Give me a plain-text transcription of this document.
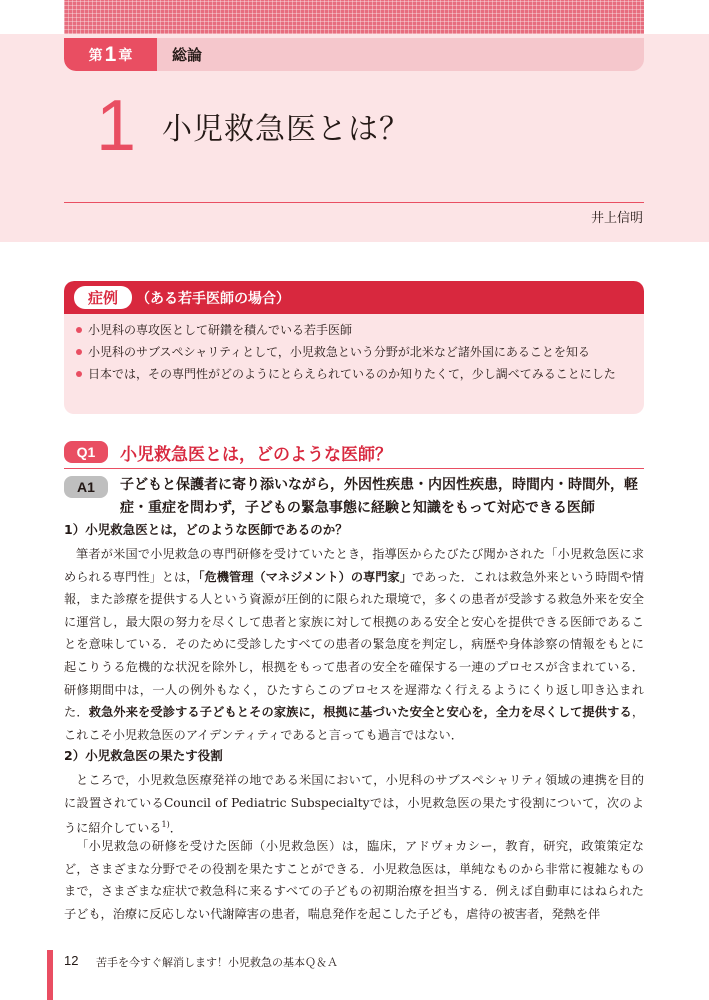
第 1 章	総論
1 小児救急医とは？
井上信明
症例	（ある若手医師の場合）
小児科の専攻医として研鑽を積んでいる若手医師
小児科のサブスペシャリティとして，小児救急という分野が北米など諸外国にあることを知る
日本では，その専門性がどのようにとらえられているのか知りたくて，少し調べてみることにした
Q1	小児救急医とは，どのような医師？
A1	子どもと保護者に寄り添いながら，外因性疾患・内因性疾患，時間内・時間外，軽症・重症を問わず，子どもの緊急事態に経験と知識をもって対応できる医師
1）小児救急医とは，どのような医師であるのか？

筆者が米国で小児救急の専門研修を受けていたとき，指導医からたびたび聞かされた「小児救急医に求められる専門性」とは，「危機管理（マネジメント）の専門家」であった．これは救急外来という時間や情報，また診療を提供する人という資源が圧倒的に限られた環境で，多くの患者が受診する救急外来を安全に運営し，最大限の努力を尽くして患者と家族に対して根拠のある安全と安心を提供できる医師であることを意味している．そのために受診したすべての患者の緊急度を判定し，病歴や身体診察の情報をもとに起こりうる危機的な状況を除外し，根拠をもって患者の安全を確保する一連のプロセスが含まれている．研修期間中は，一人の例外もなく，ひたすらこのプロセスを遅滞なく行えるようにくり返し叩き込まれた．救急外来を受診する子どもとその家族に，根拠に基づいた安全と安心を，全力を尽くして提供する，これこそ小児救急医のアイデンティティであると言っても過言ではない．

2）小児救急医の果たす役割

ところで，小児救急医療発祥の地である米国において，小児科のサブスペシャリティ領域の連携を目的に設置されているCouncil of Pediatric Subspecialtyでは，小児救急医の果たす役割について，次のように紹介している$^{1)}$．

「小児救急の研修を受けた医師（小児救急医）は，臨床，アドヴォカシー，教育，研究，政策策定など，さまざまな分野でその役割を果たすことができる．小児救急医は，単純なものから非常に複雑なものまで，さまざまな症状で救急科に来るすべての子どもの初期治療を担当する．例えば自動車にはねられた子ども，治療に反応しない代謝障害の患者，喘息発作を起こした子ども，虐待の被害者，発熱を伴

12 苦手を今すぐ解消します！小児救急の基本Ｑ＆Ａ
